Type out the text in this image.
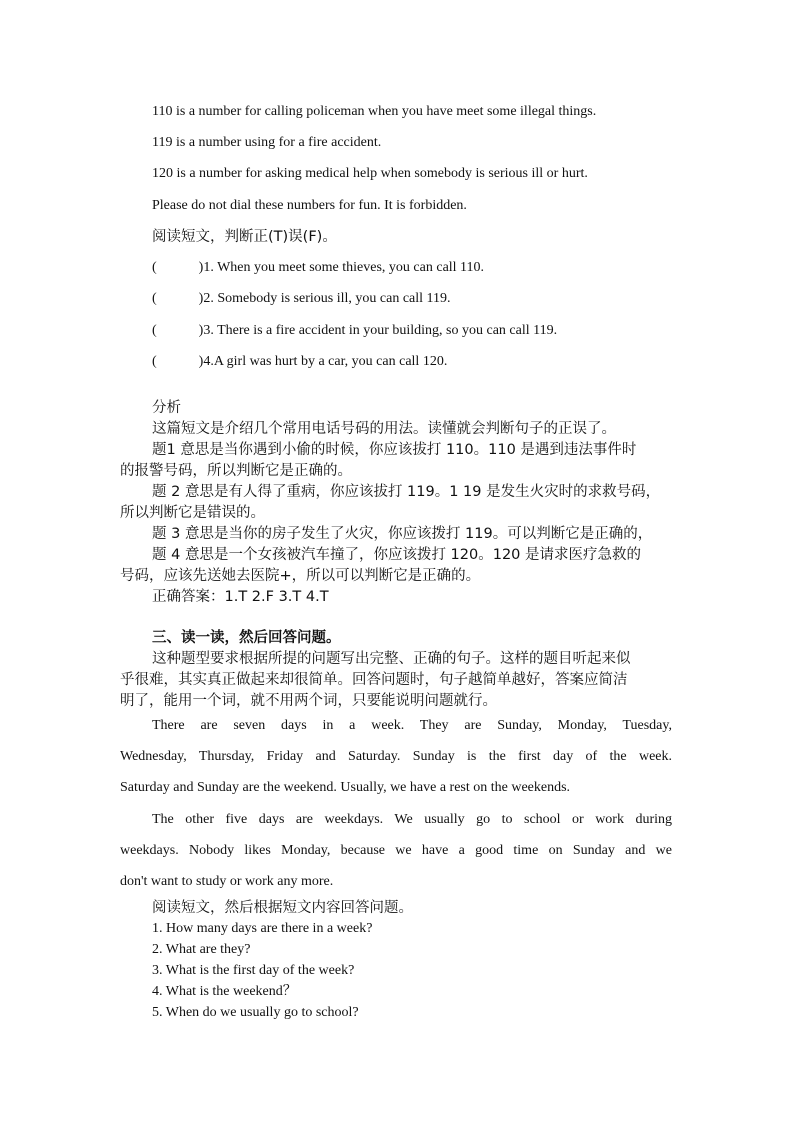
110 is a number for calling policeman when you have meet some illegal things.
119 is a number using for a fire accident.
120 is a number for asking medical help when somebody is serious ill or hurt.
Please do not dial these numbers for fun. It is forbidden.
阅读短文，判断正(T)误(F)。
(	)1. When you meet some thieves, you can call 110.
(	)2. Somebody is serious ill, you can call 119.
(	)3. There is a fire accident in your building, so you can call 119.
(	)4.A girl was hurt by a car, you can call 120.
分析
这篇短文是介绍几个常用电话号码的用法。读懂就会判断句子的正误了。
题1 意思是当你遇到小偷的时候，你应该拔打 110。110 是遇到违法事件时
的报警号码，所以判断它是正确的。
题 2 意思是有人得了重病，你应该拔打 119。1 19 是发生火灾时的求救号码，
所以判断它是错误的。
题 3 意思是当你的房子发生了火灾，你应该拨打 119。可以判断它是正确的，
题 4 意思是一个女孩被汽车撞了，你应该拨打 120。120 是请求医疗急救的
号码，应该先送她去医院+，所以可以判断它是正确的。
正确答案：1.T 2.F 3.T 4.T
三、读一读，然后回答问题。
这种题型要求根据所提的问题写出完整、正确的句子。这样的题目听起来似
乎很难，其实真正做起来却很简单。回答问题时，句子越简单越好，答案应简洁
明了，能用一个词，就不用两个词，只要能说明问题就行。
There are seven days in a week. They are Sunday, Monday, Tuesday,
Wednesday, Thursday, Friday and Saturday. Sunday is the first day of the week.
Saturday and Sunday are the weekend. Usually, we have a rest on the weekends.
The other five days are weekdays. We usually go to school or work during
weekdays. Nobody likes Monday, because we have a good time on Sunday and we
don't want to study or work any more.
阅读短文，然后根据短文内容回答问题。
1. How many days are there in a week?
2. What are they?
3. What is the first day of the week?
4. What is the weekend？
5. When do we usually go to school?
